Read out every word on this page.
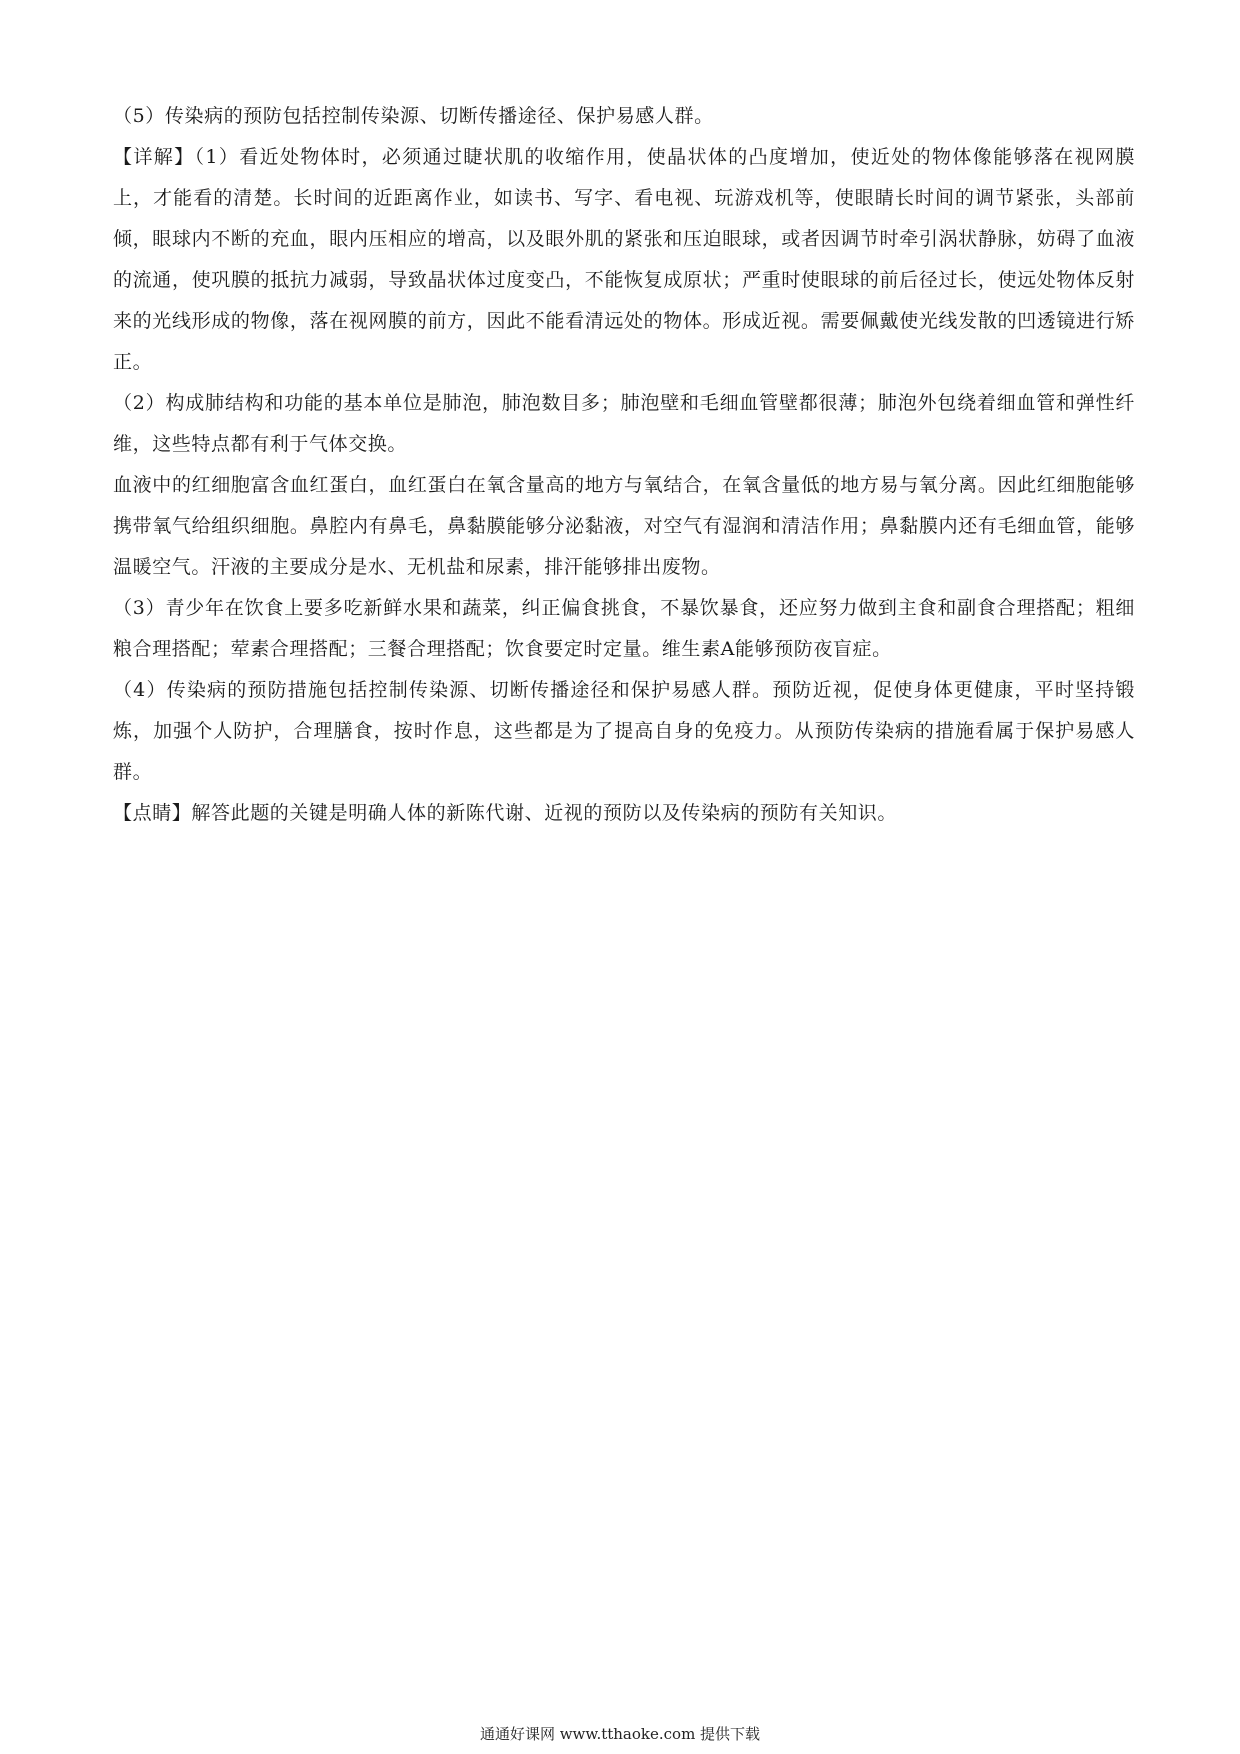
（5）传染病的预防包括控制传染源、切断传播途径、保护易感人群。

【详解】（1）看近处物体时，必须通过睫状肌的收缩作用，使晶状体的凸度增加，使近处的物体像能够落在视网膜上，才能看的清楚。长时间的近距离作业，如读书、写字、看电视、玩游戏机等，使眼睛长时间的调节紧张，头部前倾，眼球内不断的充血，眼内压相应的增高，以及眼外肌的紧张和压迫眼球，或者因调节时牵引涡状静脉，妨碍了血液的流通，使巩膜的抵抗力减弱，导致晶状体过度变凸，不能恢复成原状；严重时使眼球的前后径过长，使远处物体反射来的光线形成的物像，落在视网膜的前方，因此不能看清远处的物体。形成近视。需要佩戴使光线发散的凹透镜进行矫正。

（2）构成肺结构和功能的基本单位是肺泡，肺泡数目多；肺泡壁和毛细血管壁都很薄；肺泡外包绕着细血管和弹性纤维，这些特点都有利于气体交换。

血液中的红细胞富含血红蛋白，血红蛋白在氧含量高的地方与氧结合，在氧含量低的地方易与氧分离。因此红细胞能够携带氧气给组织细胞。鼻腔内有鼻毛，鼻黏膜能够分泌黏液，对空气有湿润和清洁作用；鼻黏膜内还有毛细血管，能够温暖空气。汗液的主要成分是水、无机盐和尿素，排汗能够排出废物。

（3）青少年在饮食上要多吃新鲜水果和蔬菜，纠正偏食挑食，不暴饮暴食，还应努力做到主食和副食合理搭配；粗细粮合理搭配；荤素合理搭配；三餐合理搭配；饮食要定时定量。维生素A能够预防夜盲症。

（4）传染病的预防措施包括控制传染源、切断传播途径和保护易感人群。预防近视，促使身体更健康，平时坚持锻炼，加强个人防护，合理膳食，按时作息，这些都是为了提高自身的免疫力。从预防传染病的措施看属于保护易感人群。

【点睛】解答此题的关键是明确人体的新陈代谢、近视的预防以及传染病的预防有关知识。

通通好课网 www.tthaoke.com 提供下载
